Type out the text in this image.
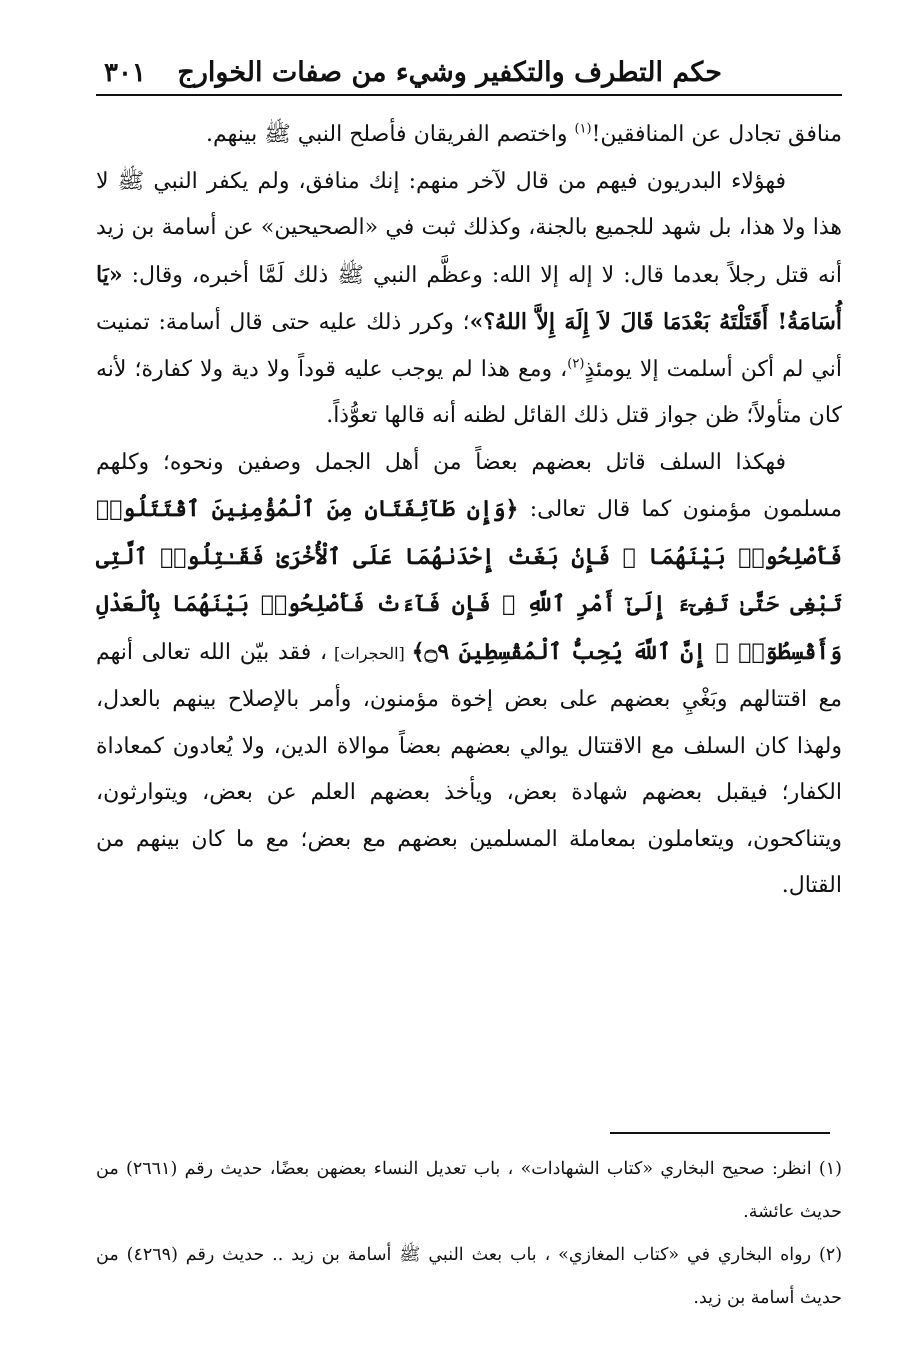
حكم التطرف والتكفير وشيء من صفات الخوارج
٣٠١

منافق تجادل عن المنافقين!$^{(١)}$ واختصم الفريقان فأصلح النبي ﷺ بينهم.

فهؤلاء البدريون فيهم من قال لآخر منهم: إنك منافق، ولم يكفر النبي ﷺ لا هذا ولا هذا، بل شهد للجميع بالجنة، وكذلك ثبت في «الصحيحين» عن أسامة بن زيد أنه قتل رجلاً بعدما قال: لا إله إلا الله: وعظَّم النبي ﷺ ذلك لَمَّا أخبره، وقال: «يَا أُسَامَةُ! أَقَتَلْتَهُ بَعْدَمَا قَالَ لاَ إِلَهَ إِلاَّ اللهُ؟»؛ وكرر ذلك عليه حتى قال أسامة: تمنيت أني لم أكن أسلمت إلا يومئذٍ$^{(٢)}$، ومع هذا لم يوجب عليه قوداً ولا دية ولا كفارة؛ لأنه كان متأولاً؛ ظن جواز قتل ذلك القائل لظنه أنه قالها تعوُّذاً.

فهكذا السلف قاتل بعضهم بعضاً من أهل الجمل وصفين ونحوه؛ وكلهم مسلمون مؤمنون كما قال تعالى: ﴿وَإِن طَآئِفَتَانِ مِنَ ٱلْمُؤْمِنِينَ ٱقْتَتَلُوا۟ فَأَصْلِحُوا۟ بَيْنَهُمَا ۖ فَإِنۢ بَغَتْ إِحْدَىٰهُمَا عَلَى ٱلْأُخْرَىٰ فَقَـٰتِلُوا۟ ٱلَّتِى تَبْغِى حَتَّىٰ تَفِىٓءَ إِلَىٰٓ أَمْرِ ٱللَّهِ ۚ فَإِن فَآءَتْ فَأَصْلِحُوا۟ بَيْنَهُمَا بِٱلْعَدْلِ وَأَقْسِطُوٓا۟ ۖ إِنَّ ٱللَّهَ يُحِبُّ ٱلْمُقْسِطِينَ ۝٩﴾ [الحجرات] ، فقد بيّن الله تعالى أنهم مع اقتتالهم وبَغْيِ بعضهم على بعض إخوة مؤمنون، وأمر بالإصلاح بينهم بالعدل، ولهذا كان السلف مع الاقتتال يوالي بعضهم بعضاً موالاة الدين، ولا يُعادون كمعاداة الكفار؛ فيقبل بعضهم شهادة بعض، ويأخذ بعضهم العلم عن بعض، ويتوارثون، ويتناكحون، ويتعاملون بمعاملة المسلمين بعضهم مع بعض؛ مع ما كان بينهم من القتال.

(١) انظر: صحيح البخاري «كتاب الشهادات» ، باب تعديل النساء بعضهن بعضًا، حديث رقم (٢٦٦١) من حديث عائشة.

(٢) رواه البخاري في «كتاب المغازي» ، باب بعث النبي ﷺ أسامة بن زيد .. حديث رقم (٤٢٦٩) من حديث أسامة بن زيد.
